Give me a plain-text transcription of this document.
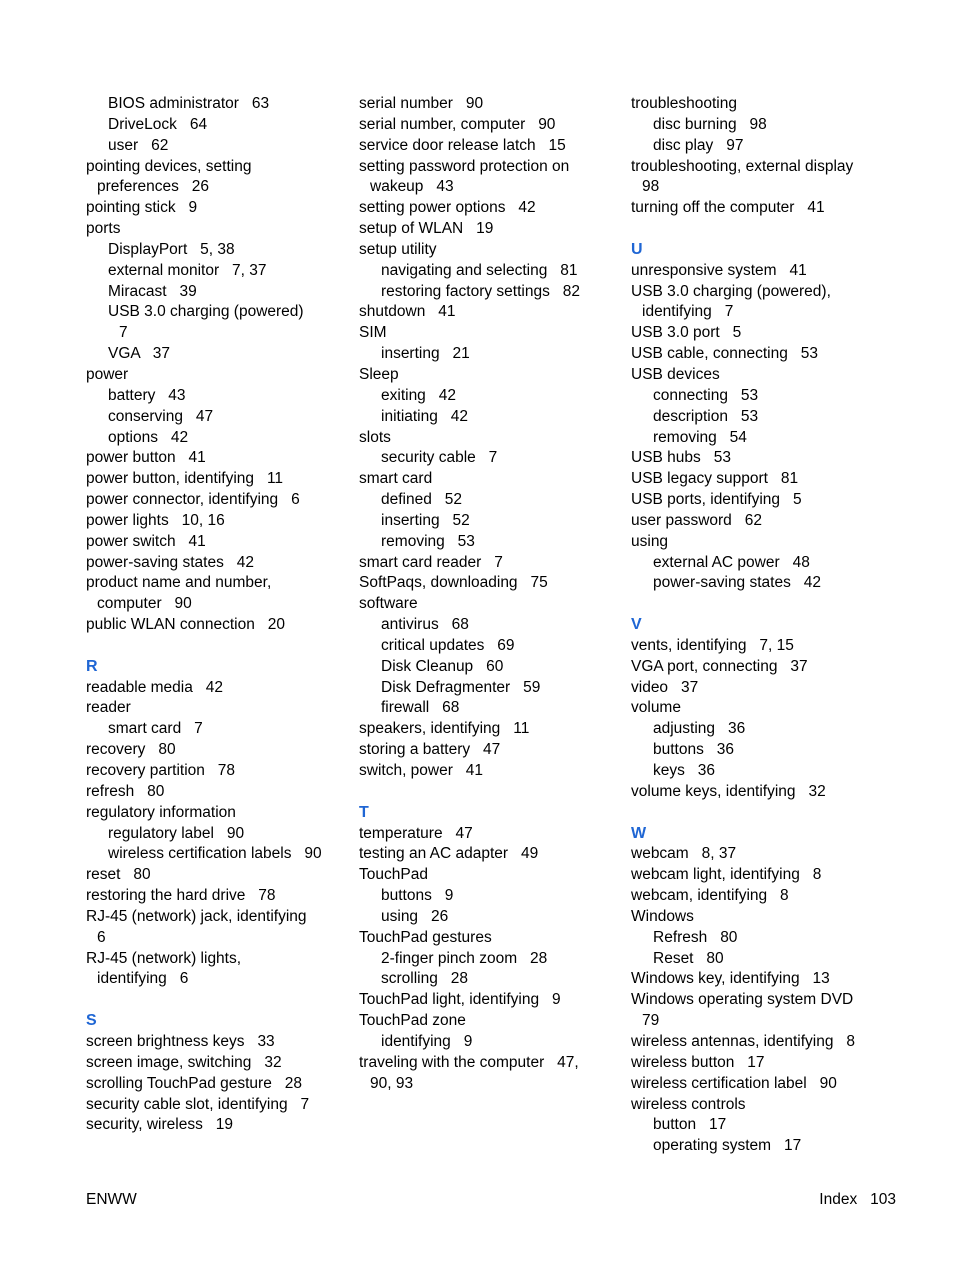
BIOS administrator   63
DriveLock   64
user   62
pointing devices, setting
preferences   26
pointing stick   9
ports
DisplayPort   5, 38
external monitor   7, 37
Miracast   39
USB 3.0 charging (powered)
7
VGA   37
power
battery   43
conserving   47
options   42
power button   41
power button, identifying   11
power connector, identifying   6
power lights   10, 16
power switch   41
power-saving states   42
product name and number,
computer   90
public WLAN connection   20
R
readable media   42
reader
smart card   7
recovery   80
recovery partition   78
refresh   80
regulatory information
regulatory label   90
wireless certification labels   90
reset   80
restoring the hard drive   78
RJ-45 (network) jack, identifying
6
RJ-45 (network) lights,
identifying   6
S
screen brightness keys   33
screen image, switching   32
scrolling TouchPad gesture   28
security cable slot, identifying   7
security, wireless   19
serial number   90
serial number, computer   90
service door release latch   15
setting password protection on
wakeup   43
setting power options   42
setup of WLAN   19
setup utility
navigating and selecting   81
restoring factory settings   82
shutdown   41
SIM
inserting   21
Sleep
exiting   42
initiating   42
slots
security cable   7
smart card
defined   52
inserting   52
removing   53
smart card reader   7
SoftPaqs, downloading   75
software
antivirus   68
critical updates   69
Disk Cleanup   60
Disk Defragmenter   59
firewall   68
speakers, identifying   11
storing a battery   47
switch, power   41
T
temperature   47
testing an AC adapter   49
TouchPad
buttons   9
using   26
TouchPad gestures
2-finger pinch zoom   28
scrolling   28
TouchPad light, identifying   9
TouchPad zone
identifying   9
traveling with the computer   47,
90, 93
troubleshooting
disc burning   98
disc play   97
troubleshooting, external display
98
turning off the computer   41
U
unresponsive system   41
USB 3.0 charging (powered),
identifying   7
USB 3.0 port   5
USB cable, connecting   53
USB devices
connecting   53
description   53
removing   54
USB hubs   53
USB legacy support   81
USB ports, identifying   5
user password   62
using
external AC power   48
power-saving states   42
V
vents, identifying   7, 15
VGA port, connecting   37
video   37
volume
adjusting   36
buttons   36
keys   36
volume keys, identifying   32
W
webcam   8, 37
webcam light, identifying   8
webcam, identifying   8
Windows
Refresh   80
Reset   80
Windows key, identifying   13
Windows operating system DVD
79
wireless antennas, identifying   8
wireless button   17
wireless certification label   90
wireless controls
button   17
operating system   17
ENWW	Index   103
